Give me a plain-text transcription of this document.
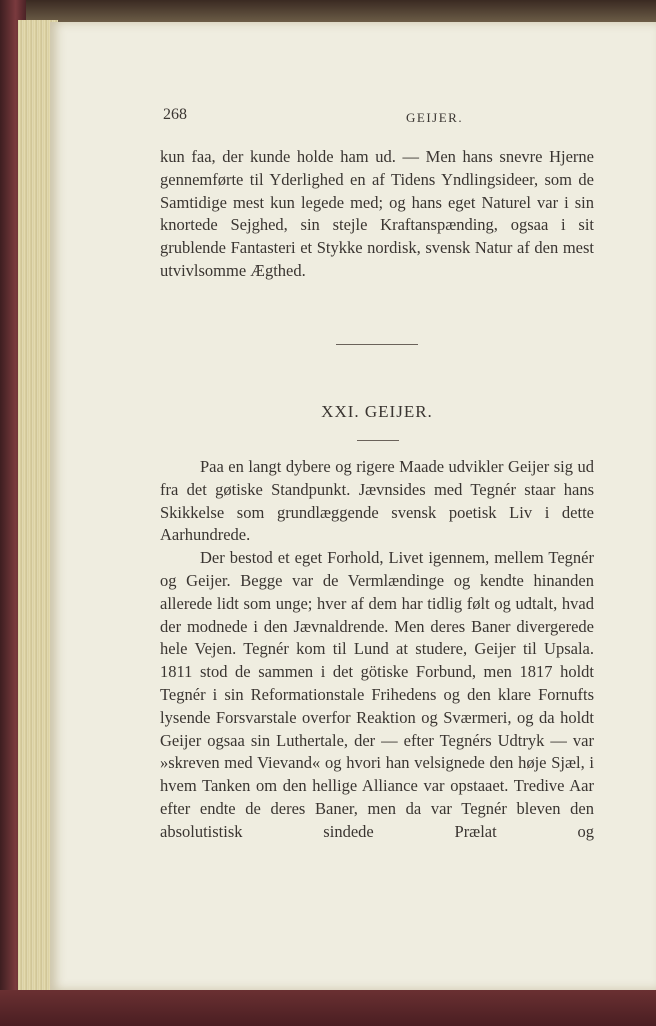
268	GEIJER.

kun faa, der kunde holde ham ud. — Men hans snevre Hjerne gennemførte til Yderlighed en af Tidens Yndlingsideer, som de Samtidige mest kun legede med; og hans eget Naturel var i sin knortede Sejghed, sin stejle Kraftanspænding, ogsaa i sit grublende Fantasteri et Stykke nordisk, svensk Natur af den mest utvivlsomme Ægthed.

XXI. GEIJER.

Paa en langt dybere og rigere Maade udvikler Geijer sig ud fra det gøtiske Standpunkt. Jævnsides med Tegnér staar hans Skikkelse som grundlæggende svensk poetisk Liv i dette Aarhundrede.

Der bestod et eget Forhold, Livet igennem, mellem Tegnér og Geijer. Begge var de Vermlændinge og kendte hinanden allerede lidt som unge; hver af dem har tidlig følt og udtalt, hvad der modnede i den Jævnaldrende. Men deres Baner divergerede hele Vejen. Tegnér kom til Lund at studere, Geijer til Upsala. 1811 stod de sammen i det götiske Forbund, men 1817 holdt Tegnér i sin Reformationstale Frihedens og den klare Fornufts lysende Forsvarstale overfor Reaktion og Sværmeri, og da holdt Geijer ogsaa sin Luthertale, der — efter Tegnérs Udtryk — var »skreven med Vievand« og hvori han velsignede den høje Sjæl, i hvem Tanken om den hellige Alliance var opstaaet. Tredive Aar efter endte de deres Baner, men da var Tegnér bleven den absolutistisk sindede Prælat og
